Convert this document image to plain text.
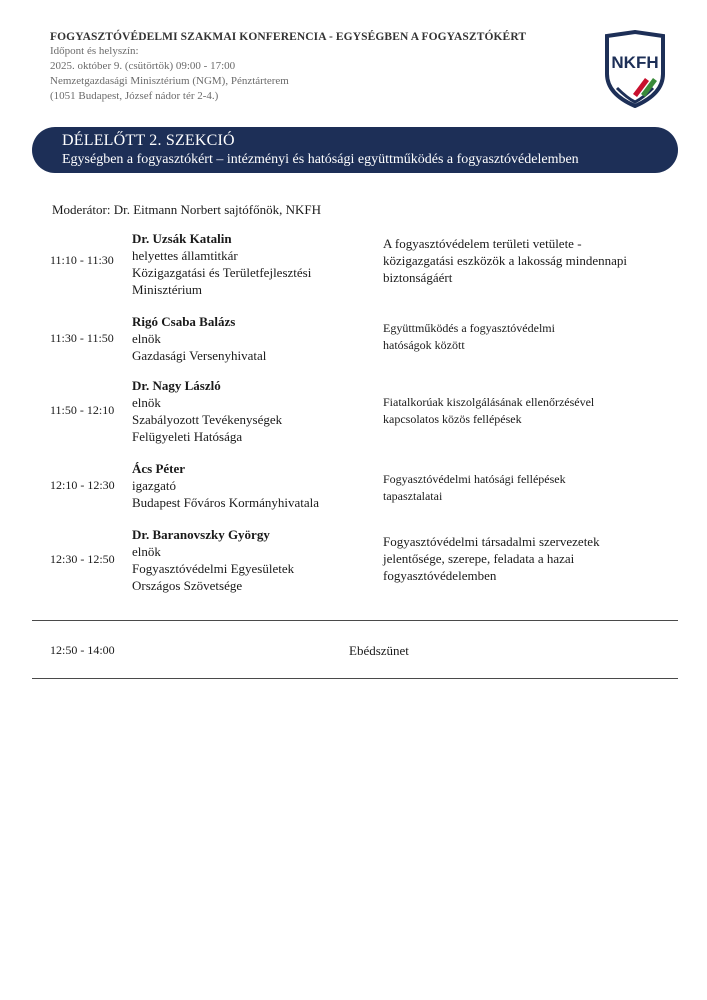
FOGYASZTÓVÉDELMI SZAKMAI KONFERENCIA - EGYSÉGBEN A FOGYASZTÓKÉRT
Időpont és helyszín:
2025. október 9. (csütörtök) 09:00 - 17:00
Nemzetgazdasági Minisztérium (NGM), Pénztárterem
(1051 Budapest, József nádor tér 2-4.)
NKFH
DÉLELŐTT 2. SZEKCIÓ
Egységben a fogyasztókért – intézményi és hatósági együttműködés a fogyasztóvédelemben
Moderátor: Dr. Eitmann Norbert sajtófőnök, NKFH
11:10 - 11:30
Dr. Uzsák Katalin
helyettes államtitkár
Közigazgatási és Területfejlesztési
Minisztérium
A fogyasztóvédelem területi vetülete -
közigazgatási eszközök a lakosság mindennapi
biztonságáért
11:30 - 11:50
Rigó Csaba Balázs
elnök
Gazdasági Versenyhivatal
Együttműködés a fogyasztóvédelmi
hatóságok között
11:50 - 12:10
Dr. Nagy László
elnök
Szabályozott Tevékenységek
Felügyeleti Hatósága
Fiatalkorúak kiszolgálásának ellenőrzésével
kapcsolatos közös fellépések
12:10 - 12:30
Ács Péter
igazgató
Budapest Főváros Kormányhivatala
Fogyasztóvédelmi hatósági fellépések
tapasztalatai
12:30 - 12:50
Dr. Baranovszky György
elnök
Fogyasztóvédelmi Egyesületek
Országos Szövetsége
Fogyasztóvédelmi társadalmi szervezetek
jelentősége, szerepe, feladata a hazai
fogyasztóvédelemben
12:50 - 14:00	Ebédszünet
